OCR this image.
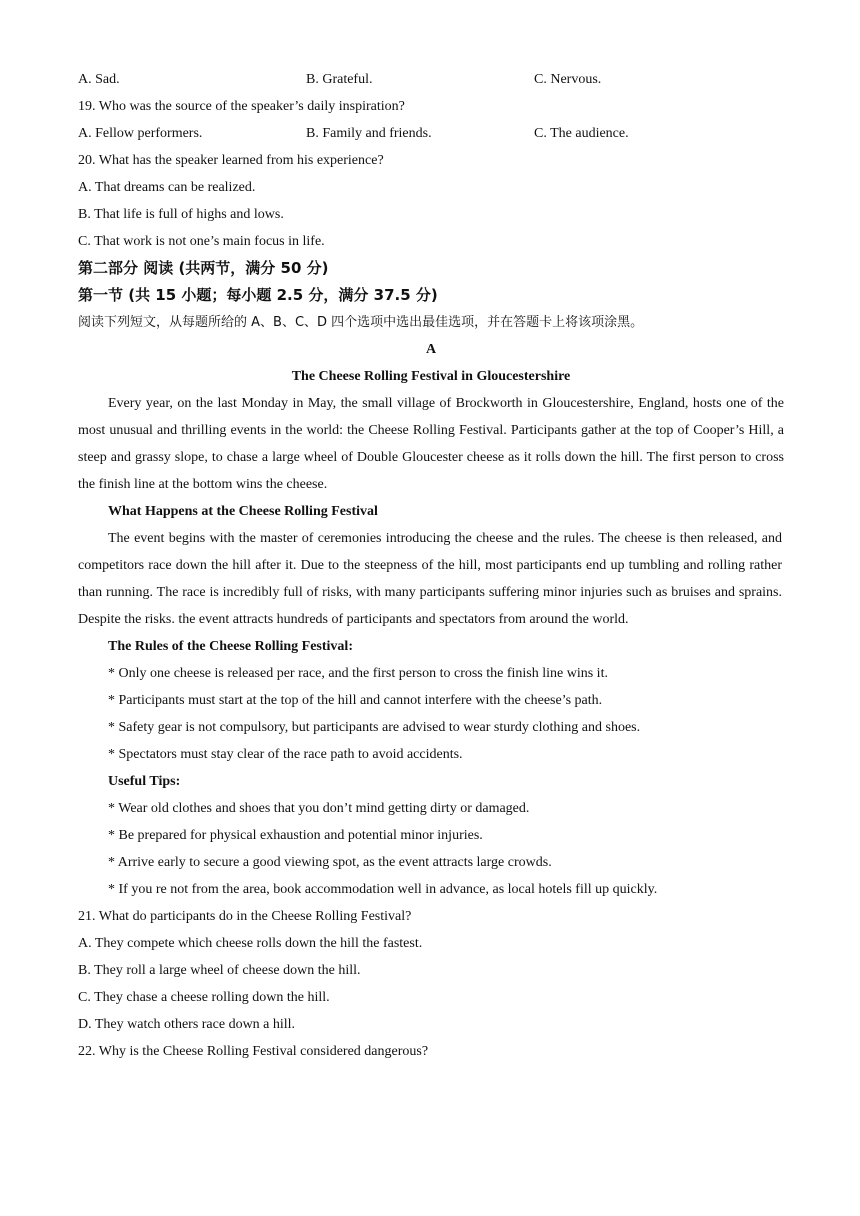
A. Sad.	B. Grateful.	C. Nervous.
19. Who was the source of the speaker’s daily inspiration?
A. Fellow performers.	B. Family and friends.	C. The audience.
20. What has the speaker learned from his experience?
A. That dreams can be realized.
B. That life is full of highs and lows.
C. That work is not one’s main focus in life.
第二部分 阅读 (共两节，满分 50 分)
第一节 (共 15 小题；每小题 2.5 分，满分 37.5 分)
阅读下列短文，从每题所给的 A、B、C、D 四个选项中选出最佳选项，并在答题卡上将该项涂黑。
A
The Cheese Rolling Festival in Gloucestershire

Every year, on the last Monday in May, the small village of Brockworth in Gloucestershire, England, hosts one of the most unusual and thrilling events in the world: the Cheese Rolling Festival. Participants gather at the top of Cooper’s Hill, a steep and grassy slope, to chase a large wheel of Double Gloucester cheese as it rolls down the hill. The first person to cross the finish line at the bottom wins the cheese.

What Happens at the Cheese Rolling Festival

The event begins with the master of ceremonies introducing the cheese and the rules. The cheese is then released, and competitors race down the hill after it. Due to the steepness of the hill, most participants end up tumbling and rolling rather than running. The race is incredibly full of risks, with many participants suffering minor injuries such as bruises and sprains. Despite the risks. the event attracts hundreds of participants and spectators from around the world.

The Rules of the Cheese Rolling Festival:
* Only one cheese is released per race, and the first person to cross the finish line wins it.
* Participants must start at the top of the hill and cannot interfere with the cheese’s path.
* Safety gear is not compulsory, but participants are advised to wear sturdy clothing and shoes.
* Spectators must stay clear of the race path to avoid accidents.
Useful Tips:
* Wear old clothes and shoes that you don’t mind getting dirty or damaged.
* Be prepared for physical exhaustion and potential minor injuries.
* Arrive early to secure a good viewing spot, as the event attracts large crowds.
* If you re not from the area, book accommodation well in advance, as local hotels fill up quickly.
21. What do participants do in the Cheese Rolling Festival?
A. They compete which cheese rolls down the hill the fastest.
B. They roll a large wheel of cheese down the hill.
C. They chase a cheese rolling down the hill.
D. They watch others race down a hill.
22. Why is the Cheese Rolling Festival considered dangerous?
